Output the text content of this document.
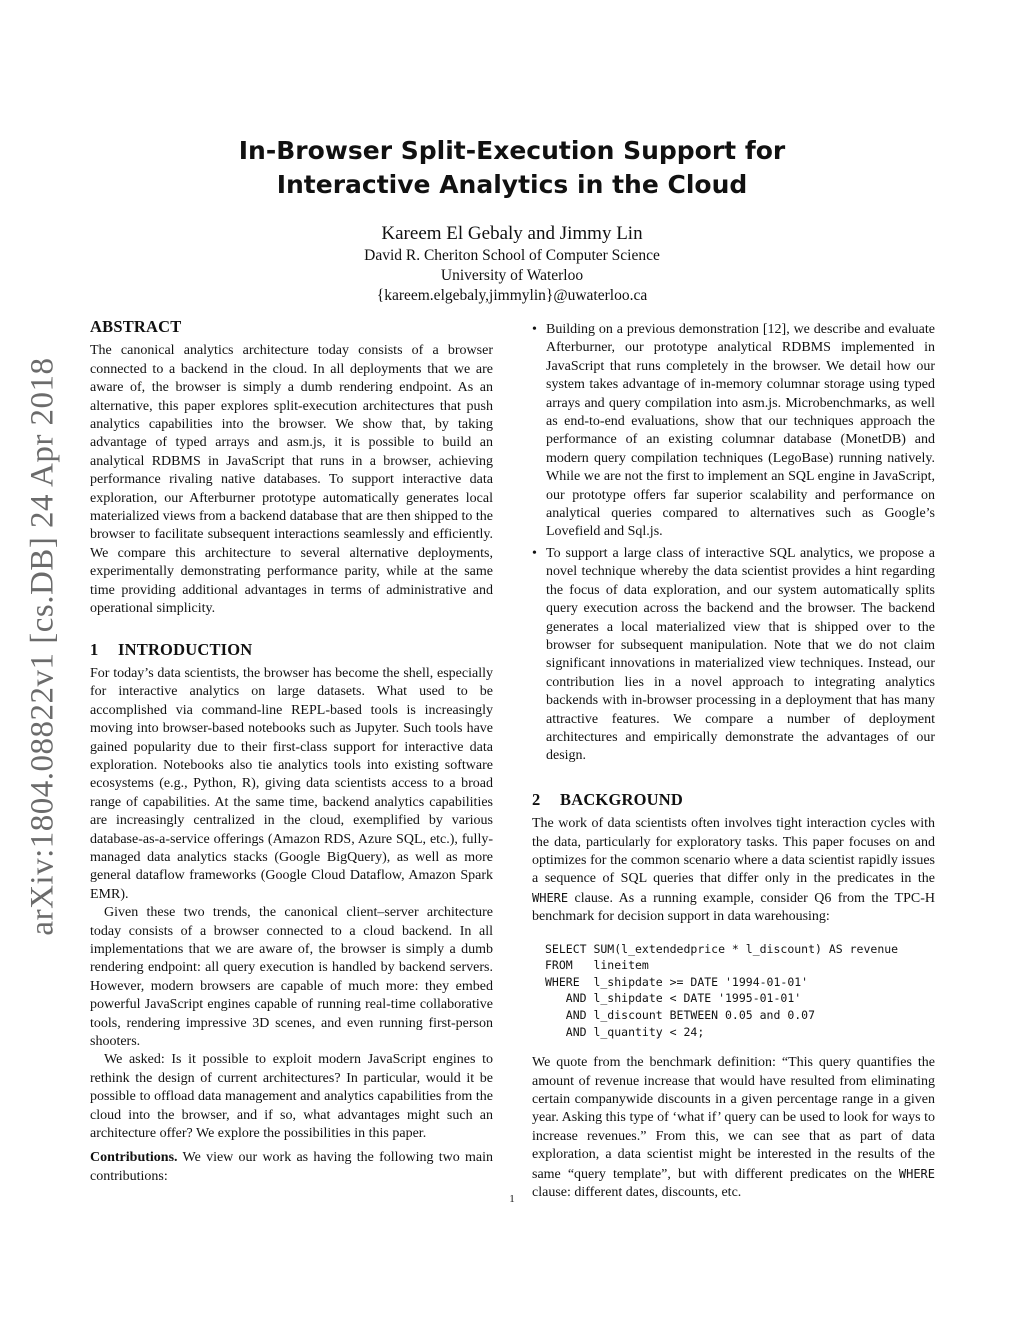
arXiv:1804.08822v1 [cs.DB] 24 Apr 2018
In-Browser Split-Execution Support for
Interactive Analytics in the Cloud
Kareem El Gebaly and Jimmy Lin
David R. Cheriton School of Computer Science
University of Waterloo
{kareem.elgebaly,jimmylin}@uwaterloo.ca
ABSTRACT

The canonical analytics architecture today consists of a browser connected to a backend in the cloud. In all deployments that we are aware of, the browser is simply a dumb rendering endpoint. As an alternative, this paper explores split-execution architectures that push analytics capabilities into the browser. We show that, by taking advantage of typed arrays and asm.js, it is possible to build an analytical RDBMS in JavaScript that runs in a browser, achieving performance rivaling native databases. To support interactive data exploration, our Afterburner prototype automatically generates local materialized views from a backend database that are then shipped to the browser to facilitate subsequent interactions seamlessly and efficiently. We compare this architecture to several alternative deployments, experimentally demonstrating performance parity, while at the same time providing additional advantages in terms of administrative and operational simplicity.

1 INTRODUCTION

For today’s data scientists, the browser has become the shell, especially for interactive analytics on large datasets. What used to be accomplished via command-line REPL-based tools is increasingly moving into browser-based notebooks such as Jupyter. Such tools have gained popularity due to their first-class support for interactive data exploration. Notebooks also tie analytics tools into existing software ecosystems (e.g., Python, R), giving data scientists access to a broad range of capabilities. At the same time, backend analytics capabilities are increasingly centralized in the cloud, exemplified by various database-as-a-service offerings (Amazon RDS, Azure SQL, etc.), fully-managed data analytics stacks (Google BigQuery), as well as more general dataflow frameworks (Google Cloud Dataflow, Amazon Spark EMR).

Given these two trends, the canonical client–server architecture today consists of a browser connected to a cloud backend. In all implementations that we are aware of, the browser is simply a dumb rendering endpoint: all query execution is handled by backend servers. However, modern browsers are capable of much more: they embed powerful JavaScript engines capable of running real-time collaborative tools, rendering impressive 3D scenes, and even running first-person shooters.

We asked: Is it possible to exploit modern JavaScript engines to rethink the design of current architectures? In particular, would it be possible to offload data management and analytics capabilities from the cloud into the browser, and if so, what advantages might such an architecture offer? We explore the possibilities in this paper.

Contributions. We view our work as having the following two main contributions:

• Building on a previous demonstration [12], we describe and evaluate Afterburner, our prototype analytical RDBMS implemented in JavaScript that runs completely in the browser. We detail how our system takes advantage of in-memory columnar storage using typed arrays and query compilation into asm.js. Microbenchmarks, as well as end-to-end evaluations, show that our techniques approach the performance of an existing columnar database (MonetDB) and modern query compilation techniques (LegoBase) running natively. While we are not the first to implement an SQL engine in JavaScript, our prototype offers far superior scalability and performance on analytical queries compared to alternatives such as Google’s Lovefield and Sql.js.
• To support a large class of interactive SQL analytics, we propose a novel technique whereby the data scientist provides a hint regarding the focus of data exploration, and our system automatically splits query execution across the backend and the browser. The backend generates a local materialized view that is shipped over to the browser for subsequent manipulation. Note that we do not claim significant innovations in materialized view techniques. Instead, our contribution lies in a novel approach to integrating analytics backends with in-browser processing in a deployment that has many attractive features. We compare a number of deployment architectures and empirically demonstrate the advantages of our design.
2 BACKGROUND

The work of data scientists often involves tight interaction cycles with the data, particularly for exploratory tasks. This paper focuses on and optimizes for the common scenario where a data scientist rapidly issues a sequence of SQL queries that differ only in the predicates in the WHERE clause. As a running example, consider Q6 from the TPC-H benchmark for decision support in data warehousing:

SELECT SUM(l_extendedprice * l_discount) AS revenue
FROM   lineitem
WHERE  l_shipdate >= DATE '1994-01-01'
AND l_shipdate < DATE '1995-01-01'
AND l_discount BETWEEN 0.05 and 0.07
AND l_quantity < 24;

We quote from the benchmark definition: “This query quantifies the amount of revenue increase that would have resulted from eliminating certain companywide discounts in a given percentage range in a given year. Asking this type of ‘what if’ query can be used to look for ways to increase revenues.” From this, we can see that as part of data exploration, a data scientist might be interested in the results of the same “query template”, but with different predicates on the WHERE clause: different dates, discounts, etc.

1
